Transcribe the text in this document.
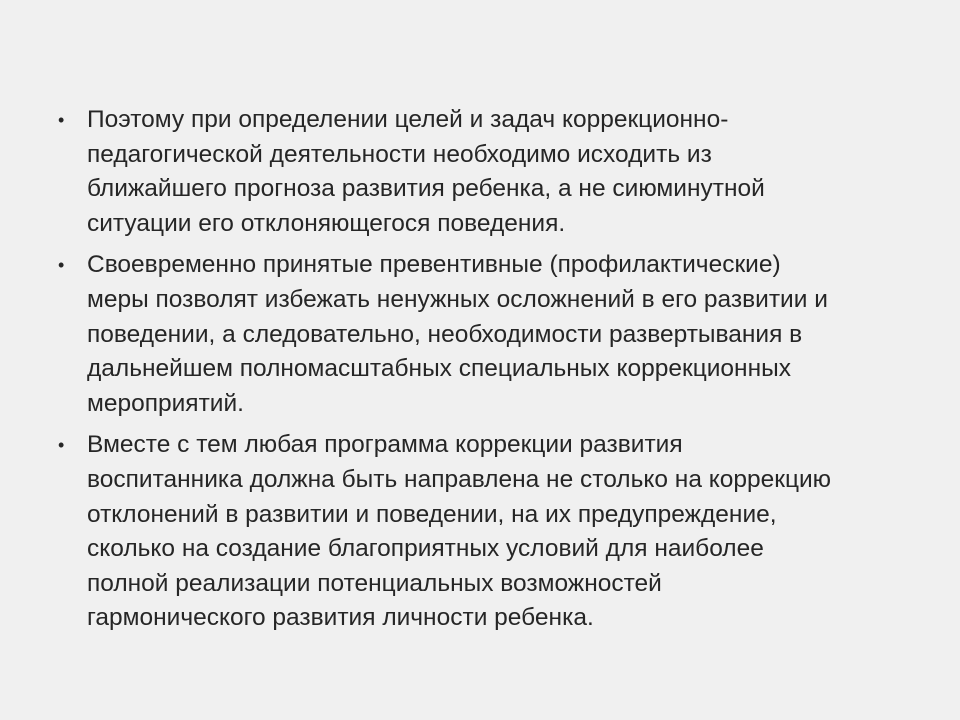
• Поэтому при определении целей и задач коррекционно-
педагогической деятельности необходимо исходить из
ближайшего прогноза развития ребенка, а не сиюминутной
ситуации его отклоняющегося поведения.
• Своевременно принятые превентивные (профилактические)
меры позволят избежать ненужных осложнений в его развитии и
поведении, а следовательно, необходимости развертывания в
дальнейшем полномасштабных специальных коррекционных
мероприятий.
• Вместе с тем любая программа коррекции развития
воспитанника должна быть направлена не столько на коррекцию
отклонений в развитии и поведении, на их предупреждение,
сколько на создание благоприятных условий для наиболее
полной реализации потенциальных возможностей
гармонического развития личности ребенка.
